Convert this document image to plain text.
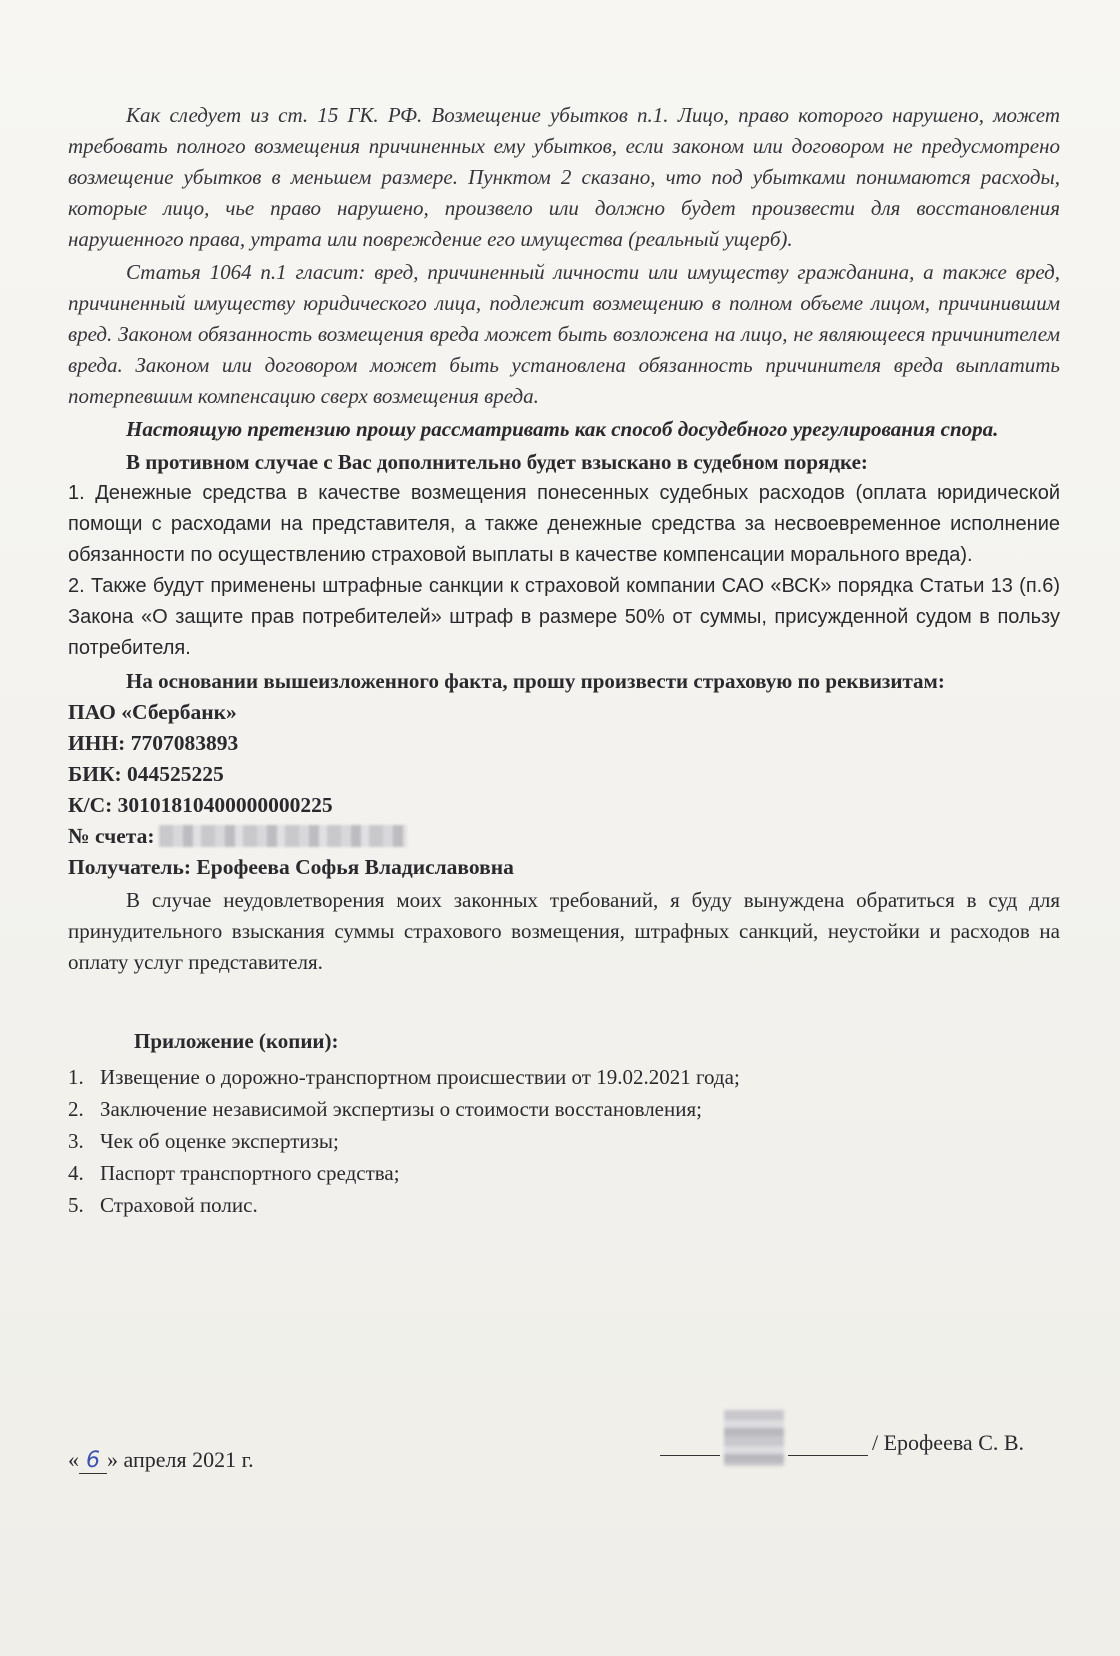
Как следует из ст. 15 ГК. РФ. Возмещение убытков п.1. Лицо, право которого нарушено, может требовать полного возмещения причиненных ему убытков, если законом или договором не предусмотрено возмещение убытков в меньшем размере. Пунктом 2 сказано, что под убытками понимаются расходы, которые лицо, чье право нарушено, произвело или должно будет произвести для восстановления нарушенного права, утрата или повреждение его имущества (реальный ущерб).

Статья 1064 п.1 гласит: вред, причиненный личности или имуществу гражданина, а также вред, причиненный имуществу юридического лица, подлежит возмещению в полном объеме лицом, причинившим вред. Законом обязанность возмещения вреда может быть возложена на лицо, не являющееся причинителем вреда. Законом или договором может быть установлена обязанность причинителя вреда выплатить потерпевшим компенсацию сверх возмещения вреда.

Настоящую претензию прошу рассматривать как способ досудебного урегулирования спора.

В противном случае с Вас дополнительно будет взыскано в судебном порядке:

1. Денежные средства в качестве возмещения понесенных судебных расходов (оплата юридической помощи с расходами на представителя, а также денежные средства за несвоевременное исполнение обязанности по осуществлению страховой выплаты в качестве компенсации морального вреда).

2. Также будут применены штрафные санкции к страховой компании САО «ВСК» порядка Статьи 13 (п.6) Закона «О защите прав потребителей» штраф в размере 50% от суммы, присужденной судом в пользу потребителя.

На основании вышеизложенного факта, прошу произвести страховую по реквизитам:

ПАО «Сбербанк»

ИНН: 7707083893

БИК: 044525225

К/С: 30101810400000000225

№ счета:

Получатель: Ерофеева Софья Владиславовна

В случае неудовлетворения моих законных требований, я буду вынуждена обратиться в суд для принудительного взыскания суммы страхового возмещения, штрафных санкций, неустойки и расходов на оплату услуг представителя.

Приложение (копии):

1. Извещение о дорожно-транспортном происшествии от 19.02.2021 года;
2. Заключение независимой экспертизы о стоимости восстановления;
3. Чек об оценке экспертизы;
4. Паспорт транспортного средства;
5. Страховой полис.
/ Ерофеева С. В.
« 6 » апреля 2021 г.
